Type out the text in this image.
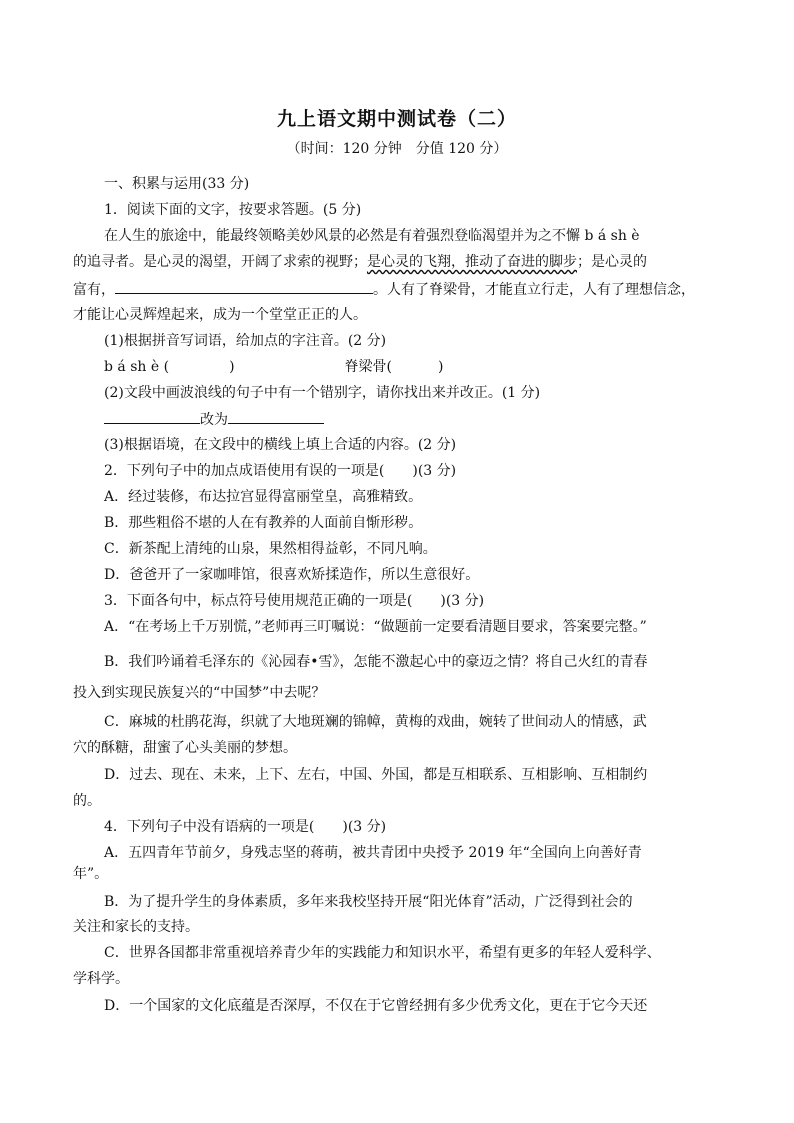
九上语文期中测试卷（二）
（时间：120 分钟　分值 120 分）
一、积累与运用(33 分)
1．阅读下面的文字，按要求答题。(5 分)
在人生的旅途中，能最终领略美妙风景的必然是有着强烈登临渴望并为之不懈 b á sh è
的追寻者。是心灵的渴望，开阔了求索的视野；是心灵的飞翔，推动了奋进的脚步；是心灵的
富有，	。人有了脊梁骨，才能直立行走，人有了理想信念，
才能让心灵辉煌起来，成为一个堂堂正正的人。
(1)根据拼音写词语，给加点的字注音。(2 分)
b á sh è (	)	脊梁骨(	)
(2)文段中画波浪线的句子中有一个错别字，请你找出来并改正。(1 分)
改为
(3)根据语境，在文段中的横线上填上合适的内容。(2 分)
2．下列句子中的加点成语使用有误的一项是(　　)(3 分)
A．经过装修，布达拉宫显得富丽堂皇，高雅精致。
B．那些粗俗不堪的人在有教养的人面前自惭形秽。
C．新茶配上清纯的山泉，果然相得益彰，不同凡响。
D．爸爸开了一家咖啡馆，很喜欢矫揉造作，所以生意很好。
3．下面各句中，标点符号使用规范正确的一项是(　　)(3 分)
A．“在考场上千万别慌，”老师再三叮嘱说：“做题前一定要看清题目要求，答案要完整。”
B．我们吟诵着毛泽东的《沁园春•雪》，怎能不激起心中的豪迈之情？将自己火红的青春
投入到实现民族复兴的“中国梦”中去呢？
C．麻城的杜鹃花海，织就了大地斑斓的锦幛，黄梅的戏曲，婉转了世间动人的情感，武
穴的酥糖，甜蜜了心头美丽的梦想。
D．过去、现在、未来，上下、左右，中国、外国，都是互相联系、互相影响、互相制约
的。
4．下列句子中没有语病的一项是(　　)(3 分)
A．五四青年节前夕，身残志坚的蒋萌，被共青团中央授予 2019 年“全国向上向善好青
年”。
B．为了提升学生的身体素质，多年来我校坚持开展“阳光体育”活动，广泛得到社会的
关注和家长的支持。
C．世界各国都非常重视培养青少年的实践能力和知识水平，希望有更多的年轻人爱科学、
学科学。
D．一个国家的文化底蕴是否深厚，不仅在于它曾经拥有多少优秀文化，更在于它今天还
